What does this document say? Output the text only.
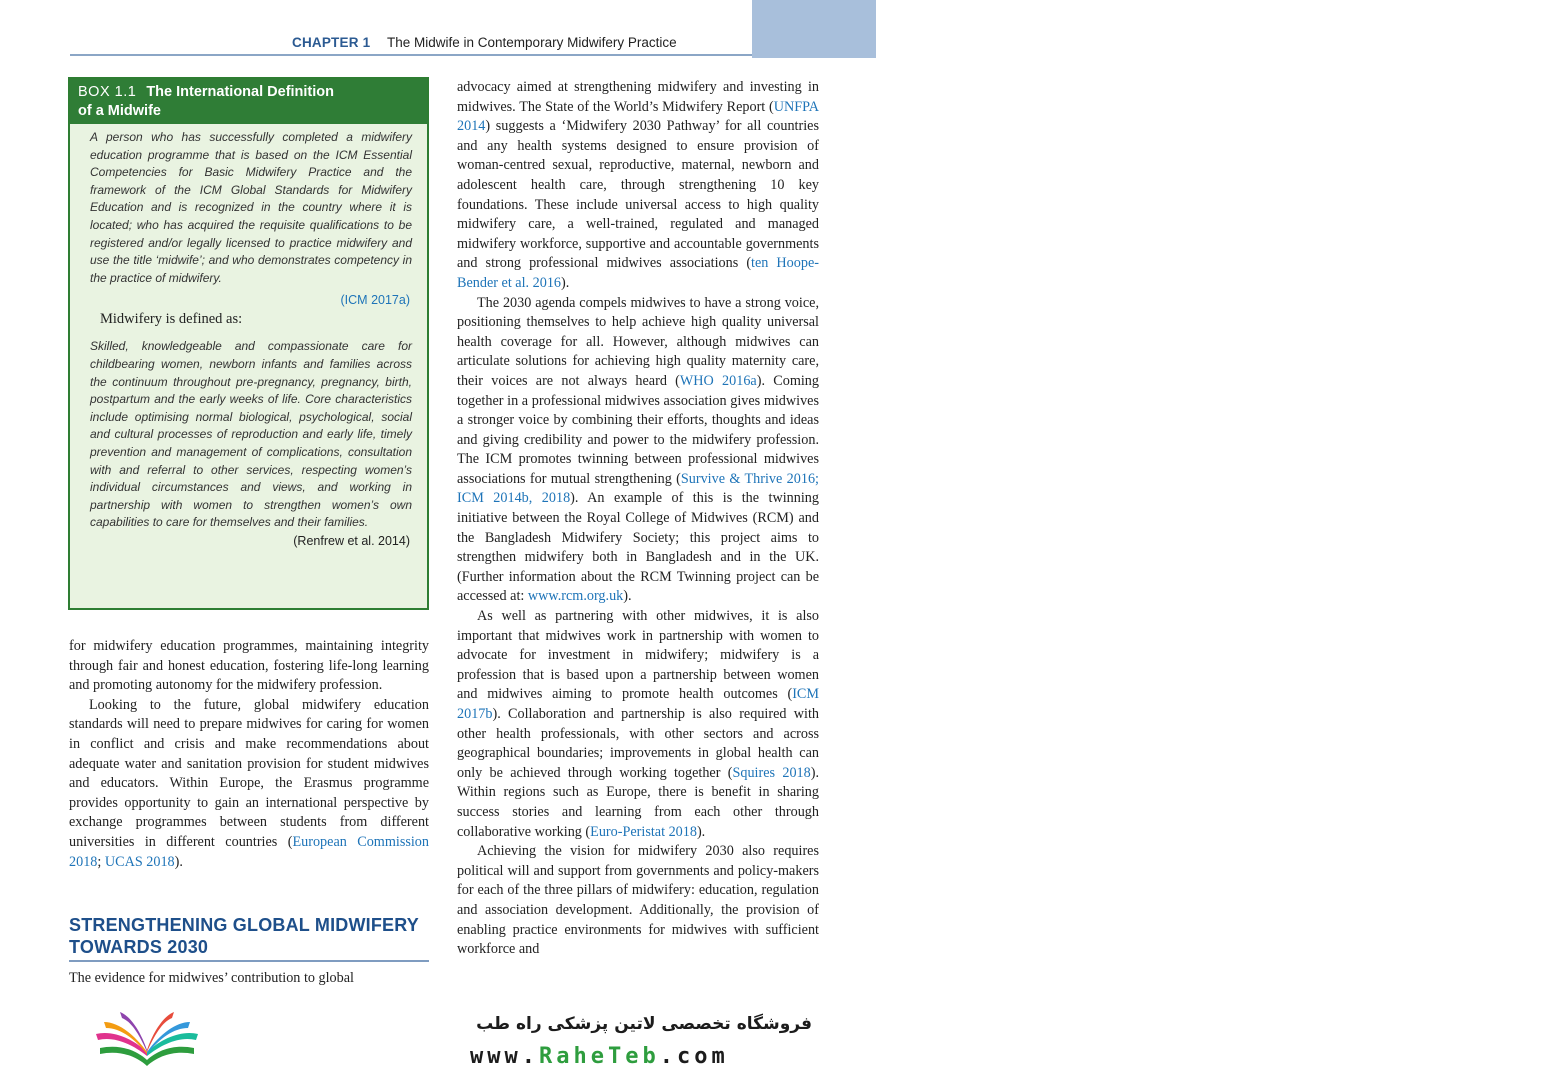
CHAPTER 1 The Midwife in Contemporary Midwifery Practice	7
BOX 1.1 The International Definition
of a Midwife

A person who has successfully completed a midwifery education programme that is based on the ICM Essential Competencies for Basic Midwifery Practice and the framework of the ICM Global Standards for Midwifery Education and is recognized in the country where it is located; who has acquired the requisite qualifications to be registered and/or legally licensed to practice midwifery and use the title ‘midwife’; and who demonstrates competency in the practice of midwifery.

(ICM 2017a)

Midwifery is defined as:

Skilled, knowledgeable and compassionate care for childbearing women, newborn infants and families across the continuum throughout pre-pregnancy, pregnancy, birth, postpartum and the early weeks of life. Core characteristics include optimising normal biological, psychological, social and cultural processes of reproduction and early life, timely prevention and management of complications, consultation with and referral to other services, respecting women’s individual circumstances and views, and working in partnership with women to strengthen women’s own capabilities to care for themselves and their families.

(Renfrew et al. 2014)

for midwifery education programmes, maintaining integrity through fair and honest education, fostering life-long learning and promoting autonomy for the midwifery profession.

Looking to the future, global midwifery education standards will need to prepare midwives for caring for women in conflict and crisis and make recommendations about adequate water and sanitation provision for student midwives and educators. Within Europe, the Erasmus programme provides opportunity to gain an international perspective by exchange programmes between students from different universities in different countries (European Commission 2018; UCAS 2018).

STRENGTHENING GLOBAL MIDWIFERY TOWARDS 2030

The evidence for midwives’ contribution to global

advocacy aimed at strengthening midwifery and investing in midwives. The State of the World’s Midwifery Report (UNFPA 2014) suggests a ‘Midwifery 2030 Pathway’ for all countries and any health systems designed to ensure provision of woman-centred sexual, reproductive, maternal, newborn and adolescent health care, through strengthening 10 key foundations. These include universal access to high quality midwifery care, a well-trained, regulated and managed midwifery workforce, supportive and accountable governments and strong professional midwives associations (ten Hoope-Bender et al. 2016).

The 2030 agenda compels midwives to have a strong voice, positioning themselves to help achieve high quality universal health coverage for all. However, although midwives can articulate solutions for achieving high quality maternity care, their voices are not always heard (WHO 2016a). Coming together in a professional midwives association gives midwives a stronger voice by combining their efforts, thoughts and ideas and giving credibility and power to the midwifery profession. The ICM promotes twinning between professional midwives associations for mutual strengthening (Survive & Thrive 2016; ICM 2014b, 2018). An example of this is the twinning initiative between the Royal College of Midwives (RCM) and the Bangladesh Midwifery Society; this project aims to strengthen midwifery both in Bangladesh and in the UK. (Further information about the RCM Twinning project can be accessed at: www.rcm.org.uk).

As well as partnering with other midwives, it is also important that midwives work in partnership with women to advocate for investment in midwifery; midwifery is a profession that is based upon a partnership between women and midwives aiming to promote health outcomes (ICM 2017b). Collaboration and partnership is also required with other health professionals, with other sectors and across geographical boundaries; improvements in global health can only be achieved through working together (Squires 2018). Within regions such as Europe, there is benefit in sharing success stories and learning from each other through collaborative working (Euro-Peristat 2018).

Achieving the vision for midwifery 2030 also requires political will and support from governments and policy-makers for each of the three pillars of midwifery: education, regulation and association development. Additionally, the provision of enabling practice environments for midwives with sufficient workforce and

فروشگاه تخصصی لاتین پزشکی راه طب
www.RaheTeb.com
